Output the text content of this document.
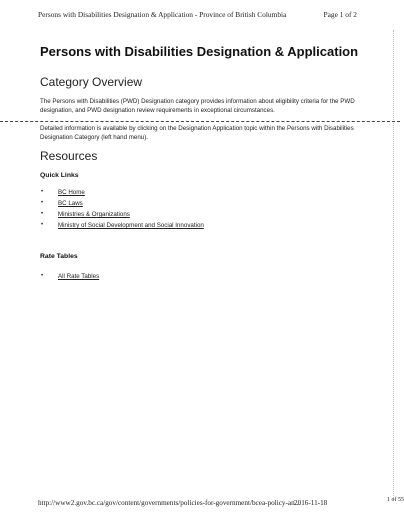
Persons with Disabilities Designation & Application - Province of British Columbia	Page 1 of 2
Persons with Disabilities Designation & Application
Category Overview

The Persons with Disabilities (PWD) Designation category provides information about eligibility criteria for the PWD designation, and PWD designation review requirements in exceptional circumstances.

Detailed information is available by clicking on the Designation Application topic within the Persons with Disabilities Designation Category (left hand menu).

Resources
Quick Links
• BC Home
• BC Laws
• Ministries & Organizations
• Ministry of Social Development and Social Innovation
Rate Tables
• All Rate Tables
http://www2.gov.bc.ca/gov/content/governments/policies-for-government/bcea-policy-an...
2016-11-18	1 of 55
